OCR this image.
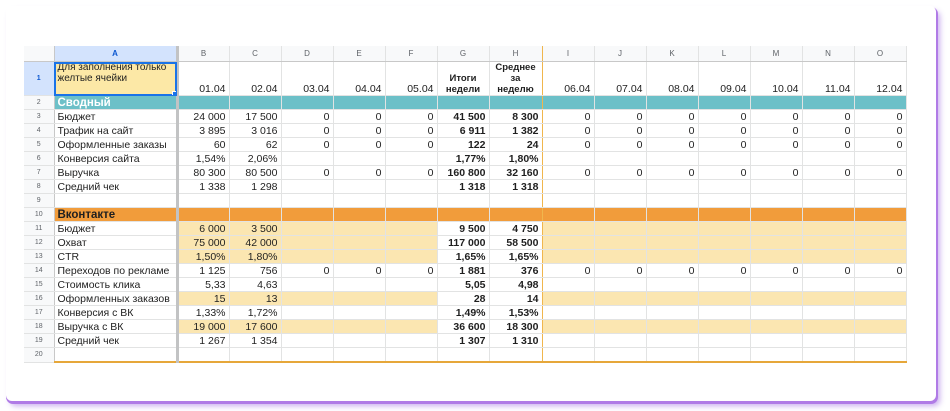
	A	B	C	D	E	F	G	H	I	J	K	L	M	N	O
1	Для заполнения только желтые ячейки	01.04	02.04	03.04	04.04	05.04	Итоги недели	Среднее за неделю	06.04	07.04	08.04	09.04	10.04	11.04	12.04
2	Сводный														
3	Бюджет	24 000	17 500	0	0	0	41 500	8 300	0	0	0	0	0	0	0
4	Трафик на сайт	3 895	3 016	0	0	0	6 911	1 382	0	0	0	0	0	0	0
5	Оформленные заказы	60	62	0	0	0	122	24	0	0	0	0	0	0	0
6	Конверсия сайта	1,54%	2,06%				1,77%	1,80%							
7	Выручка	80 300	80 500	0	0	0	160 800	32 160	0	0	0	0	0	0	0
8	Средний чек	1 338	1 298				1 318	1 318							
9															
10	Вконтакте														
11	Бюджет	6 000	3 500				9 500	4 750							
12	Охват	75 000	42 000				117 000	58 500							
13	CTR	1,50%	1,80%				1,65%	1,65%							
14	Переходов по рекламе	1 125	756	0	0	0	1 881	376	0	0	0	0	0	0	0
15	Стоимость клика	5,33	4,63				5,05	4,98							
16	Оформленных заказов	15	13				28	14							
17	Конверсия с ВК	1,33%	1,72%				1,49%	1,53%							
18	Выручка с ВК	19 000	17 600				36 600	18 300							
19	Средний чек	1 267	1 354				1 307	1 310							
20															
